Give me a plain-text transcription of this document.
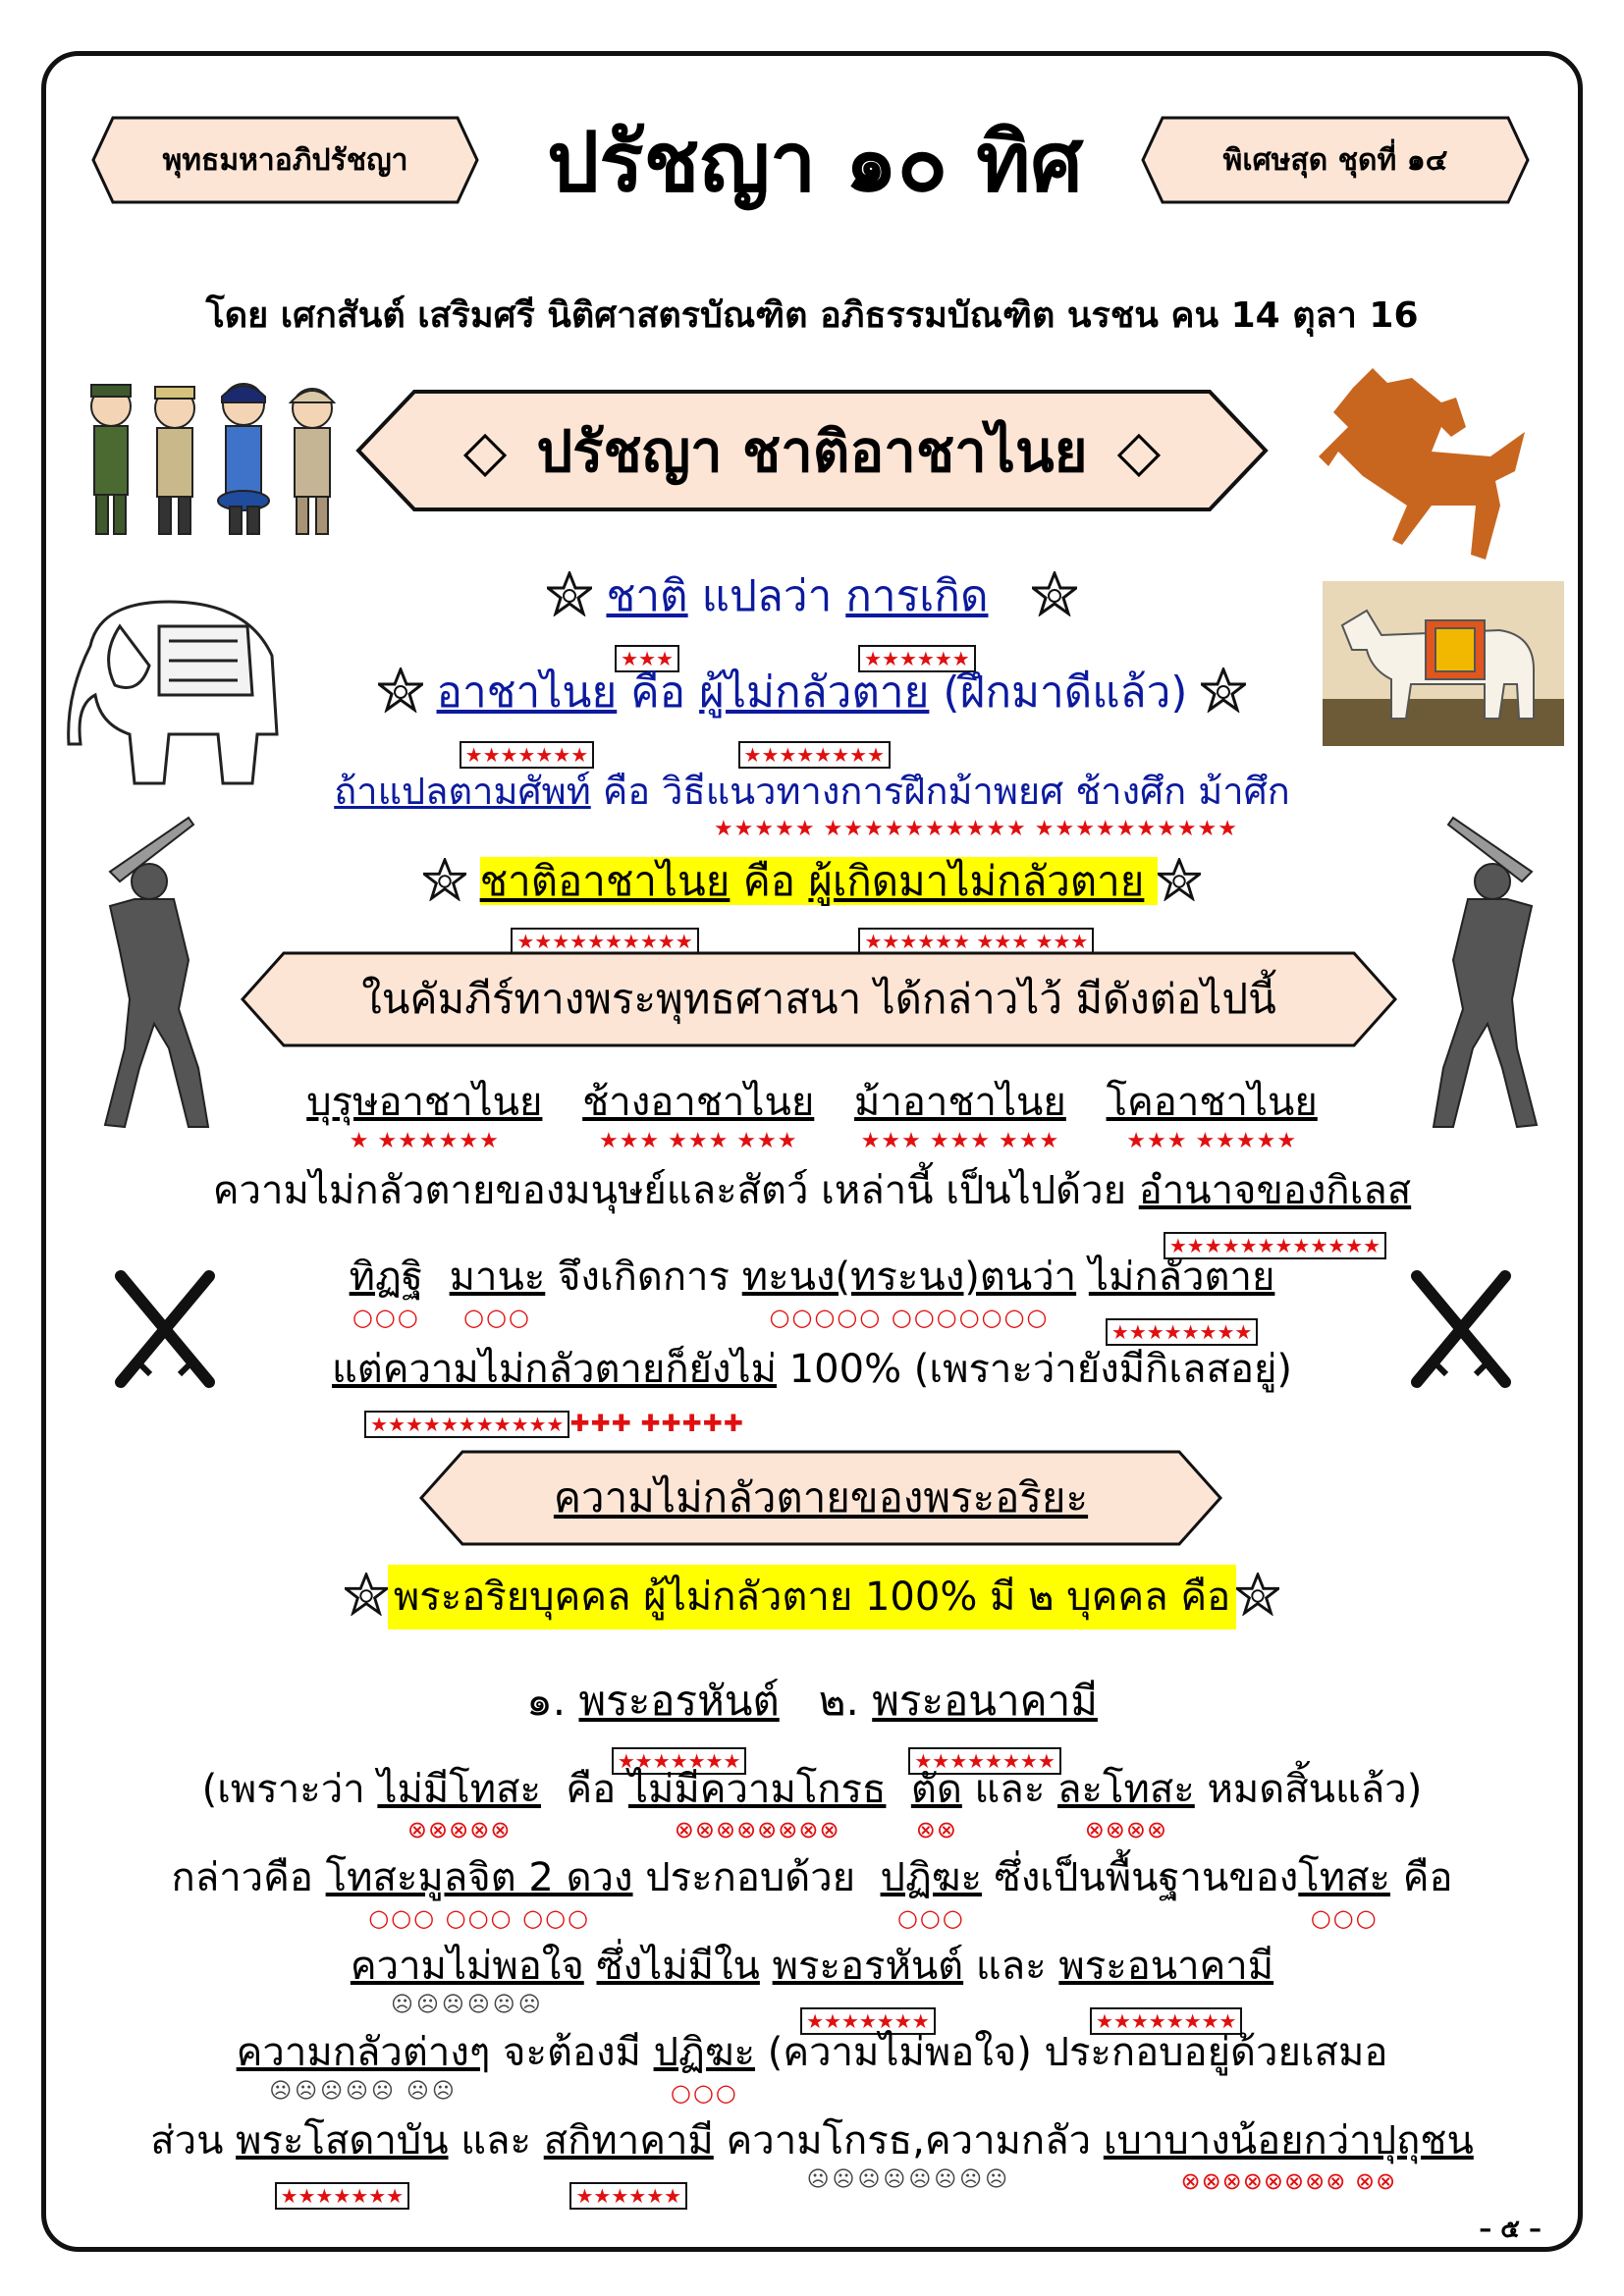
พุทธมหาอภิปรัชญา	ปรัชญา ๑๐ ทิศ	พิเศษสุด ชุดที่ ๑๔
โดย เศกสันต์ เสริมศรี นิติศาสตรบัณฑิต อภิธรรมบัณฑิต นรชน คน 14 ตุลา 16
◇ ปรัชญา ชาติอาชาไนย ◇

ชาติ
★★★
แปลว่า การเกิด
★★★★★★

อาชาไนย
★★★★★★★
คือ ผู้ไม่กลัวตาย
★★★★★★★★
(ฝึกมาดีแล้ว)
ถ้าแปลตามศัพท์ คือ วิธีแนวทางการฝึกม้าพยศ ช้างศึก ม้าศึก
★★★★★ ★★★★★★★★★★ ★★★★★★★★★★

ชาติอาชาไนย
★★★★★★★★★★
คือ ผู้เกิดมาไม่กลัวตาย
★★★★★★ ★★★ ★★★

ในคัมภีร์ทางพระพุทธศาสนา ได้กล่าวไว้ มีดังต่อไปนี้
บุรุษอาชาไนย
★ ★★★★★★

ช้างอาชาไนย
★★★ ★★★ ★★★

ม้าอาชาไนย
★★★ ★★★ ★★★

โคอาชาไนย
★★★ ★★★★★
ความไม่กลัวตายของมนุษย์และสัตว์ เหล่านี้ เป็นไปด้วย อำนาจของกิเลส
★★★★★★★★★★★★
ทิฏฐิ
○○○

มานะ
○○○
จึงเกิดการ ทะนง(ทระนง)ตนว่า
○○○○○ ○○○○○○○

ไม่กลัวตาย
★★★★★★★★
แต่ความไม่กลัวตายก็ยังไม่
★★★★★★★★★★★ ✚✚✚ ✚✚✚✚✚
100% (เพราะว่ายังมีกิเลสอยู่)
ความไม่กลัวตายของพระอริยะ
พระอริยบุคคล ผู้ไม่กลัวตาย 100% มี ๒ บุคคล คือ
๑. พระอรหันต์
★★★★★★★
๒. พระอนาคามี
★★★★★★★★
(เพราะว่า ไม่มีโทสะ
⊗⊗⊗⊗⊗
คือ ไม่มีความโกรธ
⊗⊗⊗⊗⊗⊗⊗⊗

ตัด
⊗⊗
และ ละโทสะ
⊗⊗⊗⊗
หมดสิ้นแล้ว)
กล่าวคือ โทสะมูลจิต 2 ดวง
○○○ ○○○ ○○○
ประกอบด้วย ปฏิฆะ
○○○
ซึ่งเป็นพื้นฐานของ โทสะ
○○○
คือ
ความไม่พอใจ
☹☹☹☹☹☹
ซึ่งไม่มีใน พระอรหันต์
★★★★★★★
และ พระอนาคามี
★★★★★★★★
ความกลัวต่างๆ
☹☹☹☹☹ ☹☹
จะต้องมี ปฏิฆะ
○○○
(ความไม่พอใจ) ประกอบอยู่ด้วยเสมอ
ส่วน พระโสดาบัน
★★★★★★★
และ สกิทาคามี
★★★★★★

ความโกรธ,ความกลัว
☹☹☹☹☹☹☹☹

เบาบางน้อยกว่าปุถุชน
⊗⊗⊗⊗⊗⊗⊗⊗ ⊗⊗
– ๕ –
